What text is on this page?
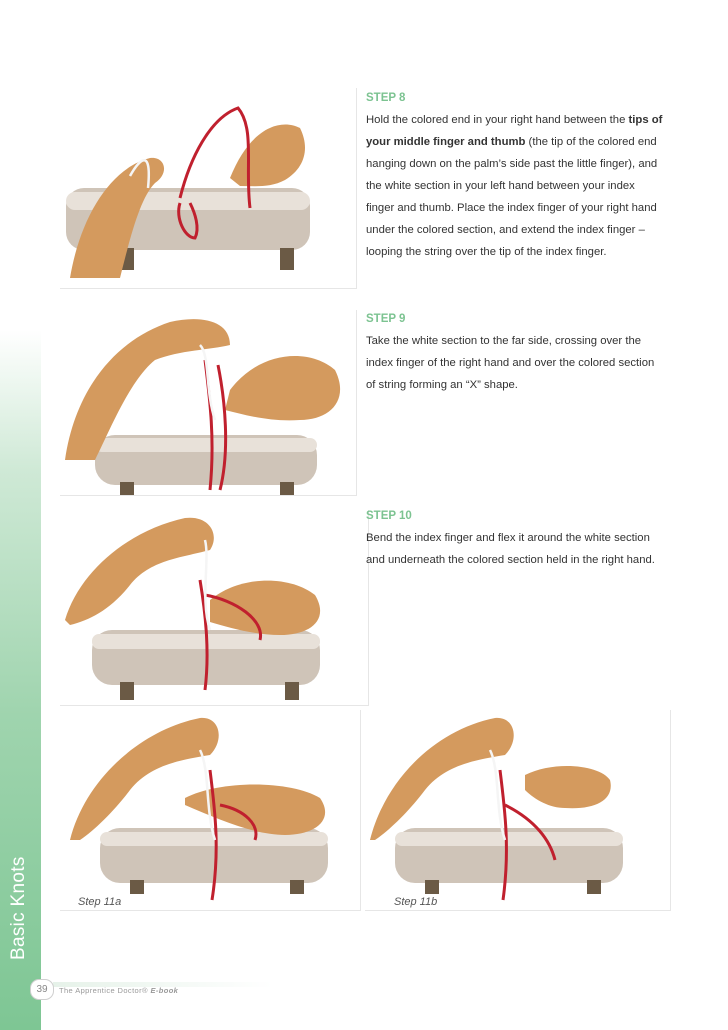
Basic Knots
STEP 8
Hold the colored end in your right hand between the tips of your middle finger and thumb (the tip of the colored end hanging down on the palm’s side past the little finger), and the white section in your left hand between your index finger and thumb. Place the index finger of your right hand under the colored section, and extend the index finger – looping the string over the tip of the index finger.
STEP 9
Take the white section to the far side, crossing over the index finger of the right hand and over the colored section of string forming an “X” shape.
STEP 10
Bend the index finger and flex it around the white section and underneath the colored section held in the right hand.
Step 11a	Step 11b
39	The Apprentice Doctor® E-book
